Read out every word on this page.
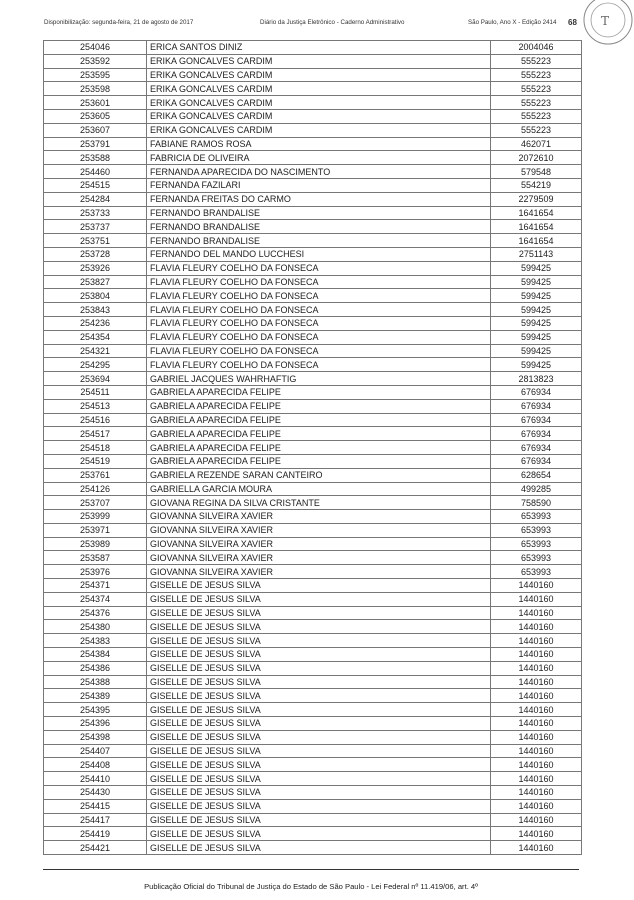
Disponibilização: segunda-feira, 21 de agosto de 2017	Diário da Justiça Eletrônico - Caderno Administrativo	São Paulo, Ano X - Edição 2414 68 T
254046	ERICA SANTOS DINIZ	2004046
253592	ERIKA GONCALVES CARDIM	555223
253595	ERIKA GONCALVES CARDIM	555223
253598	ERIKA GONCALVES CARDIM	555223
253601	ERIKA GONCALVES CARDIM	555223
253605	ERIKA GONCALVES CARDIM	555223
253607	ERIKA GONCALVES CARDIM	555223
253791	FABIANE RAMOS ROSA	462071
253588	FABRICIA DE OLIVEIRA	2072610
254460	FERNANDA APARECIDA DO NASCIMENTO	579548
254515	FERNANDA FAZILARI	554219
254284	FERNANDA FREITAS DO CARMO	2279509
253733	FERNANDO BRANDALISE	1641654
253737	FERNANDO BRANDALISE	1641654
253751	FERNANDO BRANDALISE	1641654
253728	FERNANDO DEL MANDO LUCCHESI	2751143
253926	FLAVIA FLEURY COELHO DA FONSECA	599425
253827	FLAVIA FLEURY COELHO DA FONSECA	599425
253804	FLAVIA FLEURY COELHO DA FONSECA	599425
253843	FLAVIA FLEURY COELHO DA FONSECA	599425
254236	FLAVIA FLEURY COELHO DA FONSECA	599425
254354	FLAVIA FLEURY COELHO DA FONSECA	599425
254321	FLAVIA FLEURY COELHO DA FONSECA	599425
254295	FLAVIA FLEURY COELHO DA FONSECA	599425
253694	GABRIEL JACQUES WAHRHAFTIG	2813823
254511	GABRIELA APARECIDA FELIPE	676934
254513	GABRIELA APARECIDA FELIPE	676934
254516	GABRIELA APARECIDA FELIPE	676934
254517	GABRIELA APARECIDA FELIPE	676934
254518	GABRIELA APARECIDA FELIPE	676934
254519	GABRIELA APARECIDA FELIPE	676934
253761	GABRIELA REZENDE SARAN CANTEIRO	628654
254126	GABRIELLA GARCIA MOURA	499285
253707	GIOVANA REGINA DA SILVA CRISTANTE	758590
253999	GIOVANNA SILVEIRA XAVIER	653993
253971	GIOVANNA SILVEIRA XAVIER	653993
253989	GIOVANNA SILVEIRA XAVIER	653993
253587	GIOVANNA SILVEIRA XAVIER	653993
253976	GIOVANNA SILVEIRA XAVIER	653993
254371	GISELLE DE JESUS SILVA	1440160
254374	GISELLE DE JESUS SILVA	1440160
254376	GISELLE DE JESUS SILVA	1440160
254380	GISELLE DE JESUS SILVA	1440160
254383	GISELLE DE JESUS SILVA	1440160
254384	GISELLE DE JESUS SILVA	1440160
254386	GISELLE DE JESUS SILVA	1440160
254388	GISELLE DE JESUS SILVA	1440160
254389	GISELLE DE JESUS SILVA	1440160
254395	GISELLE DE JESUS SILVA	1440160
254396	GISELLE DE JESUS SILVA	1440160
254398	GISELLE DE JESUS SILVA	1440160
254407	GISELLE DE JESUS SILVA	1440160
254408	GISELLE DE JESUS SILVA	1440160
254410	GISELLE DE JESUS SILVA	1440160
254430	GISELLE DE JESUS SILVA	1440160
254415	GISELLE DE JESUS SILVA	1440160
254417	GISELLE DE JESUS SILVA	1440160
254419	GISELLE DE JESUS SILVA	1440160
254421	GISELLE DE JESUS SILVA	1440160
Publicação Oficial do Tribunal de Justiça do Estado de São Paulo - Lei Federal nº 11.419/06, art. 4º
